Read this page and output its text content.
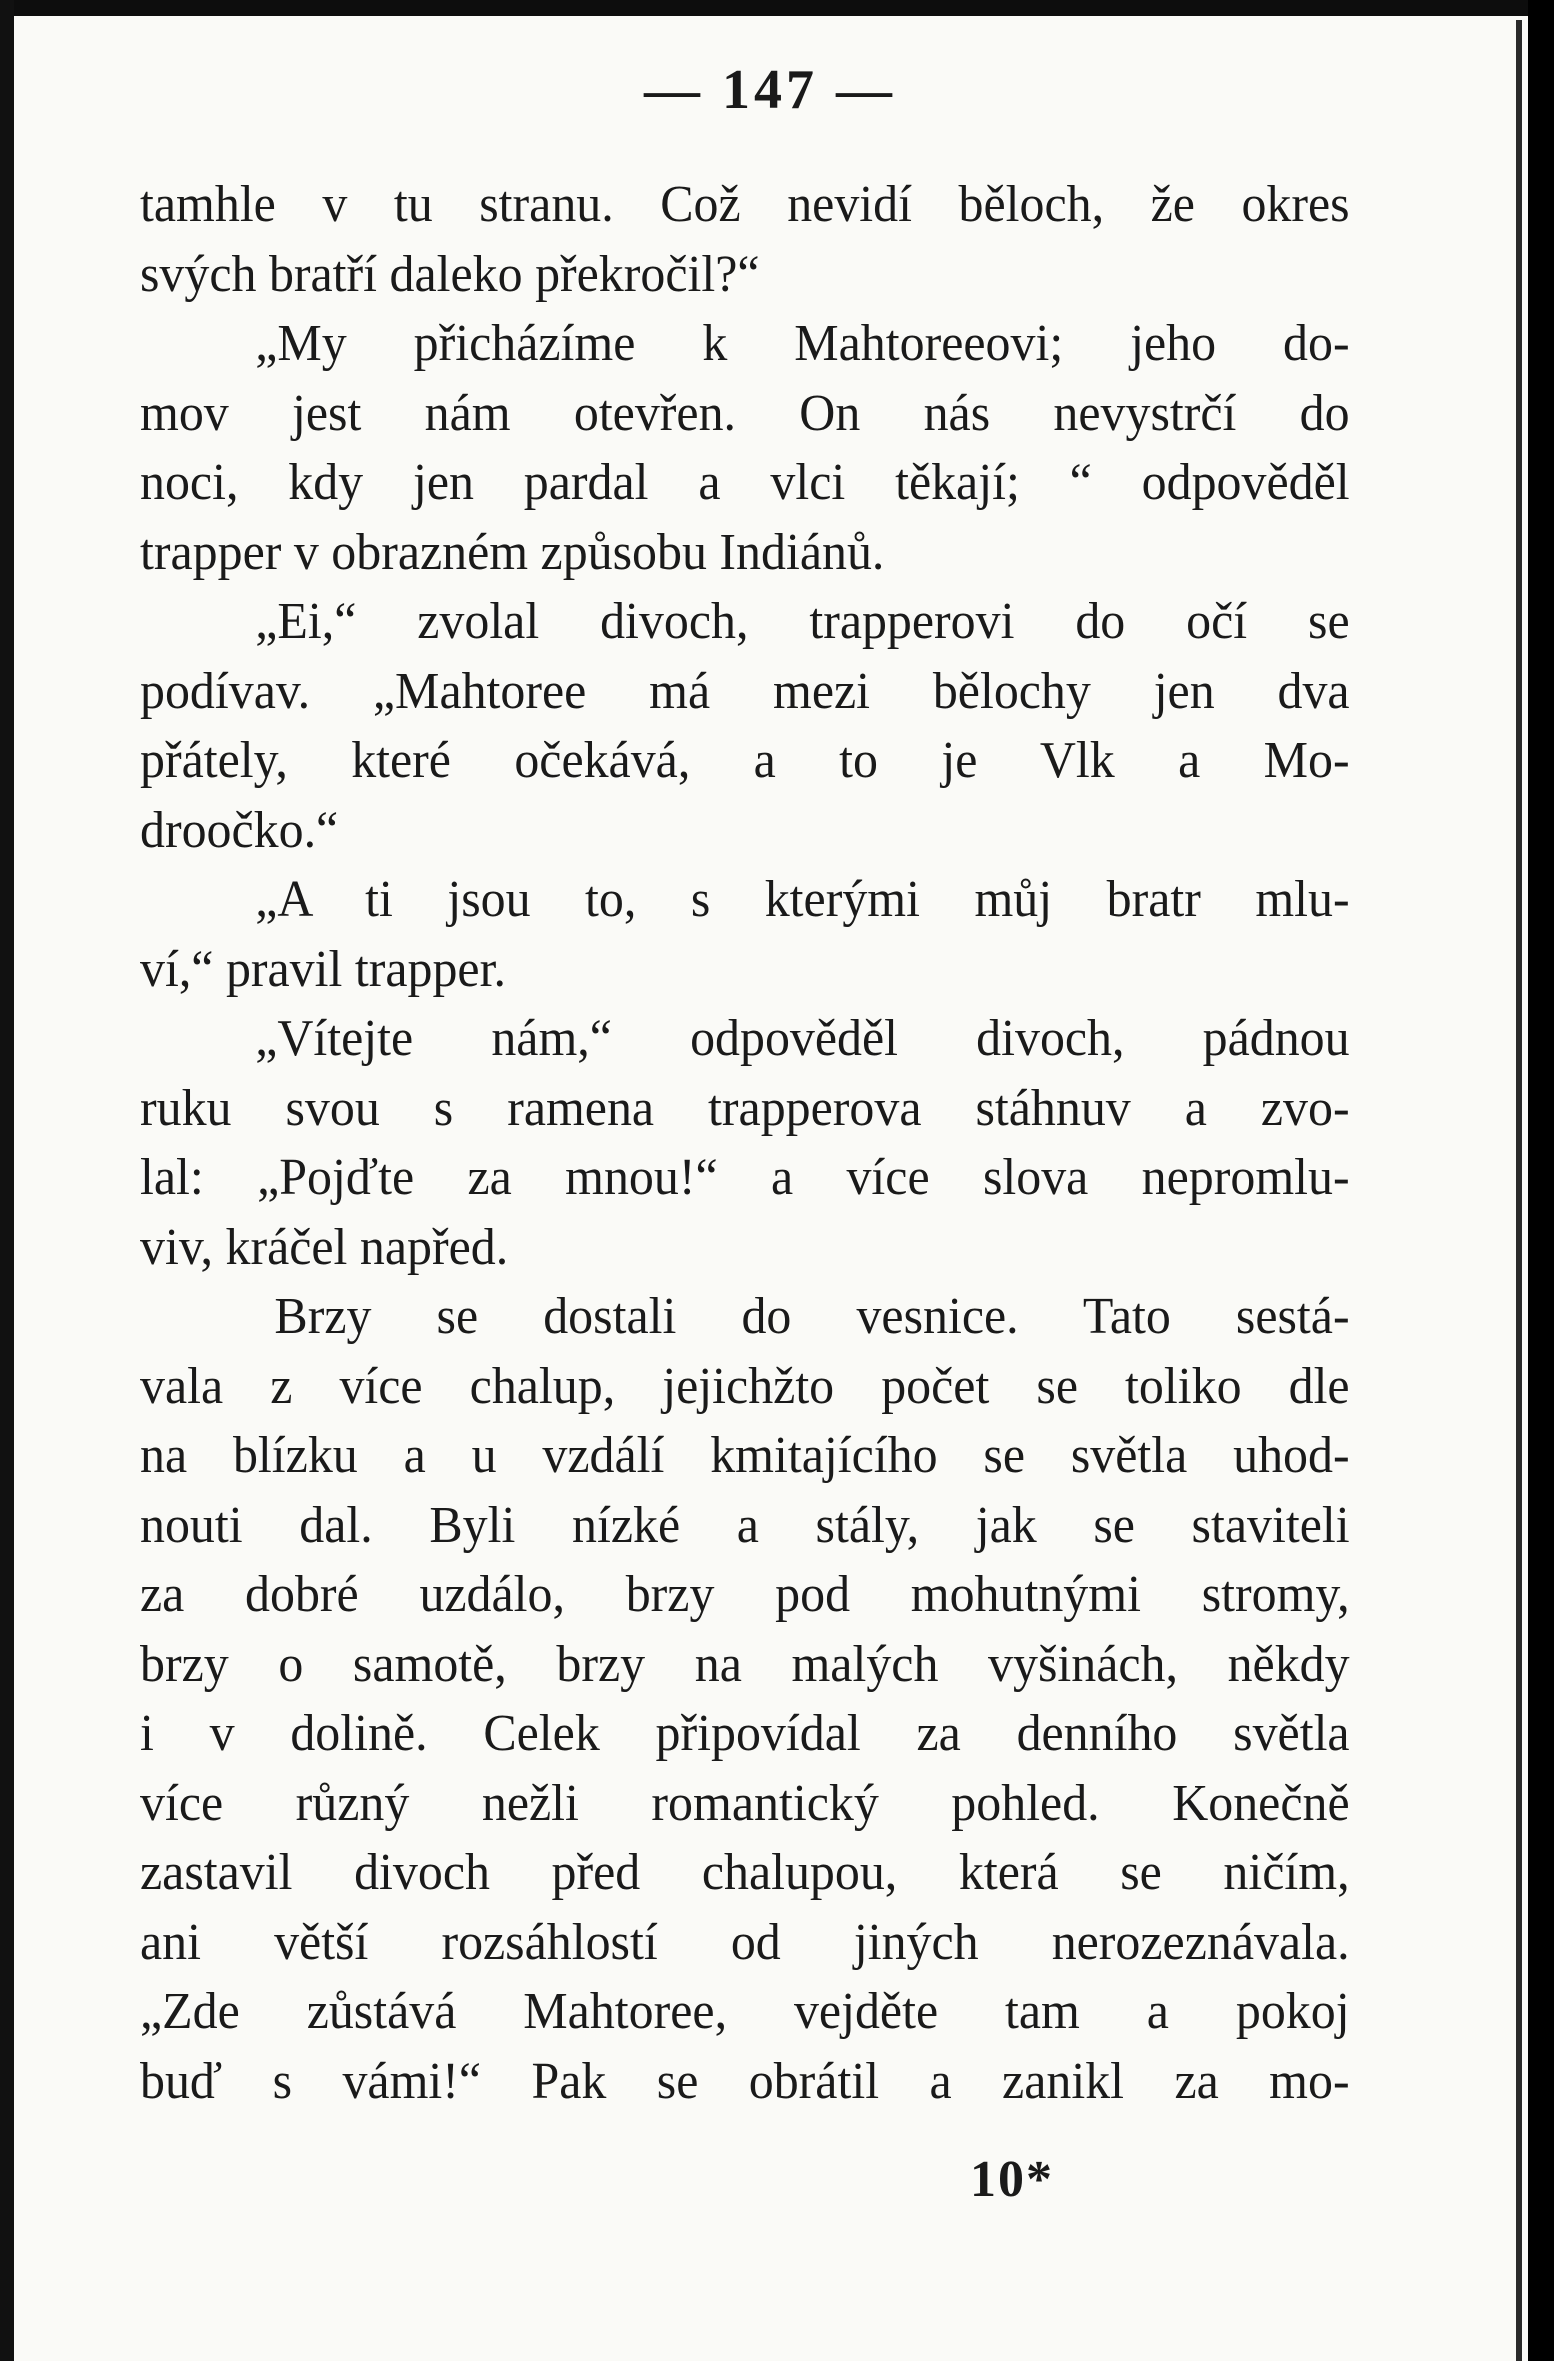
— 147 —
tamhle v tu stranu. Což nevidí běloch, že okres
svých bratří daleko překročil?“
„My přicházíme k Mahtoreeovi; jeho do-
mov jest nám otevřen. On nás nevystrčí do
noci, kdy jen pardal a vlci těkají; “ odpověděl
trapper v obrazném způsobu Indiánů.
„Ei,“ zvolal divoch, trapperovi do očí se
podívav. „Mahtoree má mezi bělochy jen dva
přátely, které očekává, a to je Vlk a Mo-
droočko.“
„A ti jsou to, s kterými můj bratr mlu-
ví,“ pravil trapper.
„Vítejte nám,“ odpověděl divoch, pádnou
ruku svou s ramena trapperova stáhnuv a zvo-
lal: „Pojďte za mnou!“ a více slova nepromlu-
viv, kráčel napřed.
Brzy se dostali do vesnice. Tato sestá-
vala z více chalup, jejichžto počet se toliko dle
na blízku a u vzdálí kmitajícího se světla uhod-
nouti dal. Byli nízké a stály, jak se staviteli
za dobré uzdálo, brzy pod mohutnými stromy,
brzy o samotě, brzy na malých vyšinách, někdy
i v dolině. Celek připovídal za denního světla
více různý nežli romantický pohled. Konečně
zastavil divoch před chalupou, která se ničím,
ani větší rozsáhlostí od jiných nerozeznávala.
„Zde zůstává Mahtoree, vejděte tam a pokoj
buď s vámi!“ Pak se obrátil a zanikl za mo-
10*
